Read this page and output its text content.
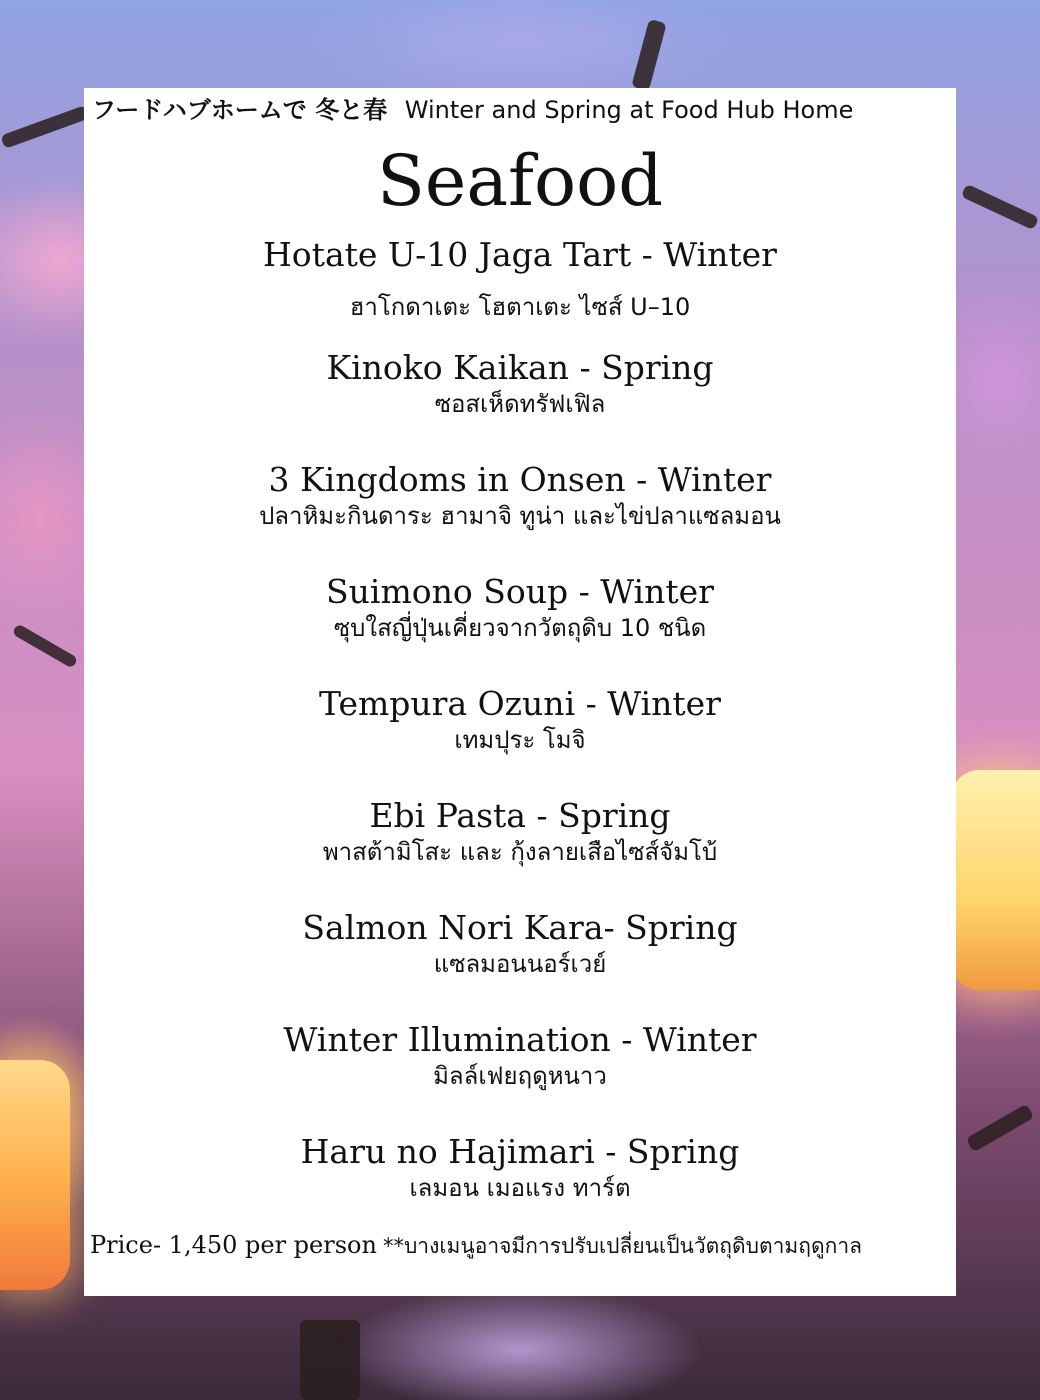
フードハブホームで 冬と春 Winter and Spring at Food Hub Home
Seafood
Hotate U-10 Jaga Tart - Winter
ฮาโกดาเตะ โฮตาเตะ ไซส์ U–10
Kinoko Kaikan - Spring
ซอสเห็ดทรัฟเฟิล
3 Kingdoms in Onsen - Winter
ปลาหิมะกินดาระ ฮามาจิ ทูน่า และไข่ปลาแซลมอน
Suimono Soup - Winter
ซุบใสญี่ปุ่นเคี่ยวจากวัตถุดิบ 10 ชนิด
Tempura Ozuni - Winter
เทมปุระ โมจิ
Ebi Pasta - Spring
พาสต้ามิโสะ และ กุ้งลายเสือไซส์จัมโบ้
Salmon Nori Kara- Spring
แซลมอนนอร์เวย์
Winter Illumination - Winter
มิลล์เฟยฤดูหนาว
Haru no Hajimari - Spring
เลมอน เมอแรง ทาร์ต
Price- 1,450 per person **บางเมนูอาจมีการปรับเปลี่ยนเป็นวัตถุดิบตามฤดูกาล
